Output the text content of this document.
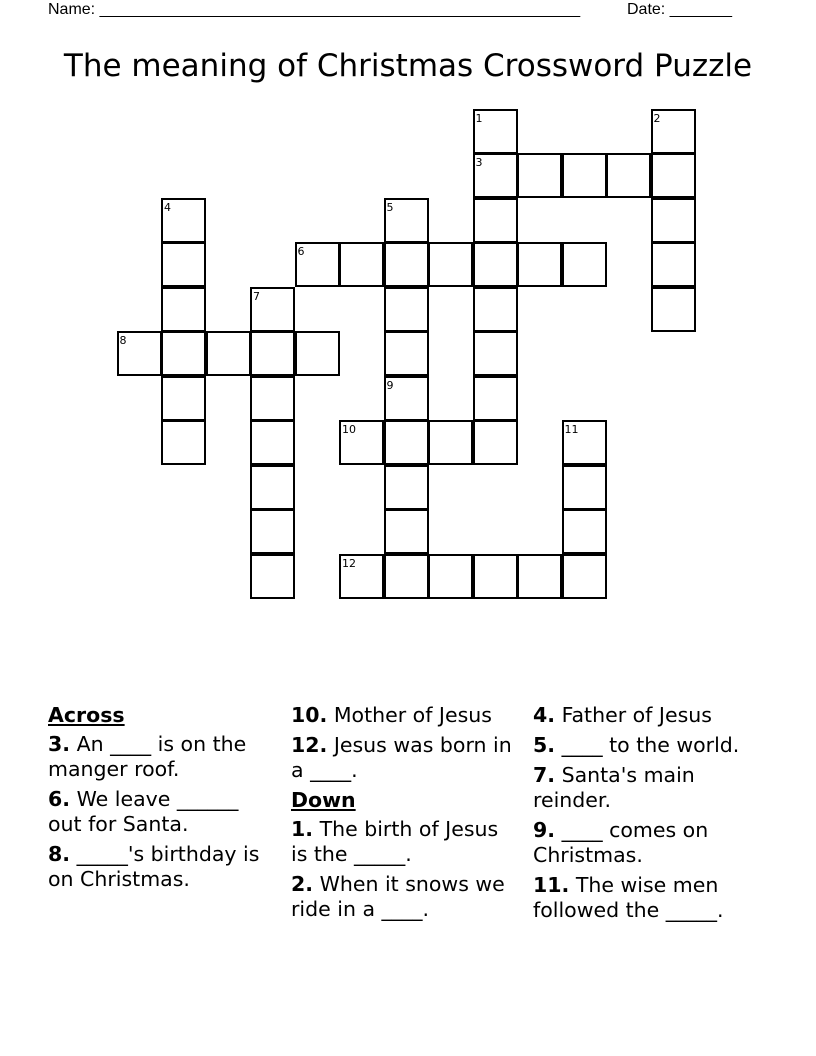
Name: ______________________________________________________	Date: _______
The meaning of Christmas Crossword Puzzle
1	2
3
4	5
6
7
8
9
10	11
12
Across
3. An ____ is on the manger roof.
6. We leave ______ out for Santa.
8. _____'s birthday is on Christmas.
10. Mother of Jesus
12. Jesus was born in a ____.
Down
1. The birth of Jesus is the _____.
2. When it snows we ride in a ____.
4. Father of Jesus
5. ____ to the world.
7. Santa's main reinder.
9. ____ comes on Christmas.
11. The wise men followed the _____.
